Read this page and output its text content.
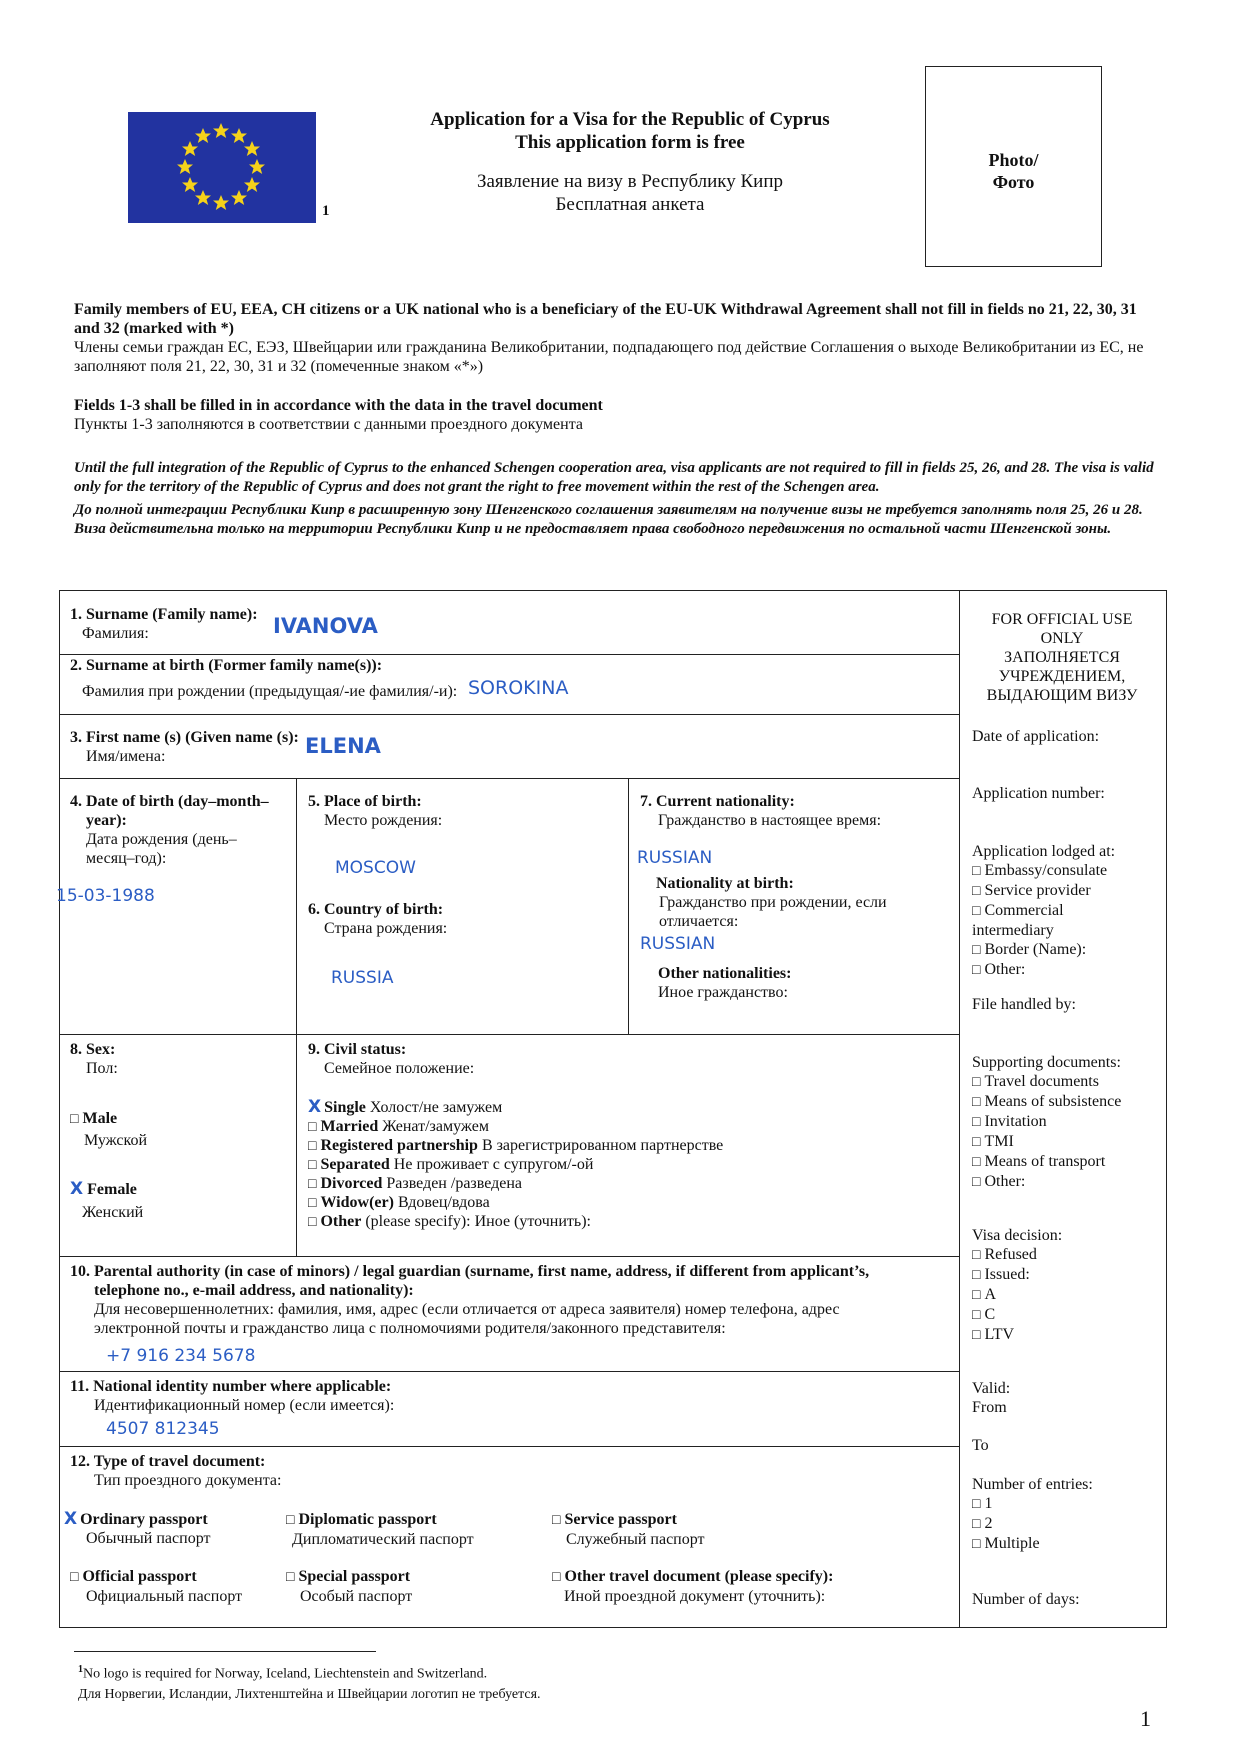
1
Application for a Visa for the Republic of Cyprus
This application form is free
Заявление на визу в Республику Кипр
Бесплатная анкета
Photo/
Фото
Family members of EU, EEA, CH citizens or a UK national who is a beneficiary of the EU-UK Withdrawal Agreement shall not fill in fields no 21, 22, 30, 31 and 32 (marked with *)
Члены семьи граждан ЕС, ЕЭЗ, Швейцарии или гражданина Великобритании, подпадающего под действие Соглашения о выходе Великобритании из ЕС, не заполняют поля 21, 22, 30, 31 и 32 (помеченные знаком «*»)
Fields 1-3 shall be filled in in accordance with the data in the travel document
Пункты 1-3 заполняются в соответствии с данными проездного документа
Until the full integration of the Republic of Cyprus to the enhanced Schengen cooperation area, visa applicants are not required to fill in fields 25, 26, and 28. The visa is valid only for the territory of the Republic of Cyprus and does not grant the right to free movement within the rest of the Schengen area.
До полной интеграции Республики Кипр в расширенную зону Шенгенского соглашения заявителям на получение визы не требуется заполнять поля 25, 26 и 28. Виза действительна только на территории Республики Кипр и не предоставляет права свободного передвижения по остальной части Шенгенской зоны.
1. Surname (Family name):
Фамилия:	IVANOVA
2. Surname at birth (Former family name(s)):
Фамилия при рождении (предыдущая/-ие фамилия/-и): SOROKINA
3. First name (s) (Given name (s):
Имя/имена:	ELENA
4. Date of birth (day–month–
year):
Дата рождения (день–
месяц–год):
15-03-1988
5. Place of birth:
Место рождения:
MOSCOW
6. Country of birth:
Страна рождения:
RUSSIA
7. Current nationality:
Гражданство в настоящее время:
RUSSIAN
Nationality at birth:
Гражданство при рождении, если
отличается:
RUSSIAN
Other nationalities:
Иное гражданство:
8. Sex:
Пол:
□ Male
Мужской
X Female
Женский
9. Civil status:
Семейное положение:
X Single Холост/не замужем
□ Married Женат/замужем
□ Registered partnership В зарегистрированном партнерстве
□ Separated Не проживает с супругом/-ой
□ Divorced Разведен /разведена
□ Widow(er) Вдовец/вдова
□ Other (please specify): Иное (уточнить):
10. Parental authority (in case of minors) / legal guardian (surname, first name, address, if different from applicant’s,
telephone no., e-mail address, and nationality):
Для несовершеннолетних: фамилия, имя, адрес (если отличается от адреса заявителя) номер телефона, адрес
электронной почты и гражданство лица с полномочиями родителя/законного представителя:
+7 916 234 5678
11. National identity number where applicable:
Идентификационный номер (если имеется):
4507 812345
12. Type of travel document:
Тип проездного документа:
X Ordinary passport
Обычный паспорт
□ Diplomatic passport
Дипломатический паспорт
□ Service passport
Служебный паспорт
□ Official passport
Официальный паспорт
□ Special passport
Особый паспорт
□ Other travel document (please specify):
Иной проездной документ (уточнить):
FOR OFFICIAL USE
ONLY
ЗАПОЛНЯЕТСЯ
УЧРЕЖДЕНИЕМ,
ВЫДАЮЩИМ ВИЗУ
Date of application:
Application number:
Application lodged at:
□ Embassy/consulate
□ Service provider
□ Commercial
intermediary
□ Border (Name):
□ Other:
File handled by:
Supporting documents:
□ Travel documents
□ Means of subsistence
□ Invitation
□ TMI
□ Means of transport
□ Other:
Visa decision:
□ Refused
□ Issued:
□ A
□ C
□ LTV
Valid:
From
To
Number of entries:
□ 1
□ 2
□ Multiple
Number of days:
$^1$No logo is required for Norway, Iceland, Liechtenstein and Switzerland.
Для Норвегии, Исландии, Лихтенштейна и Швейцарии логотип не требуется.
1
